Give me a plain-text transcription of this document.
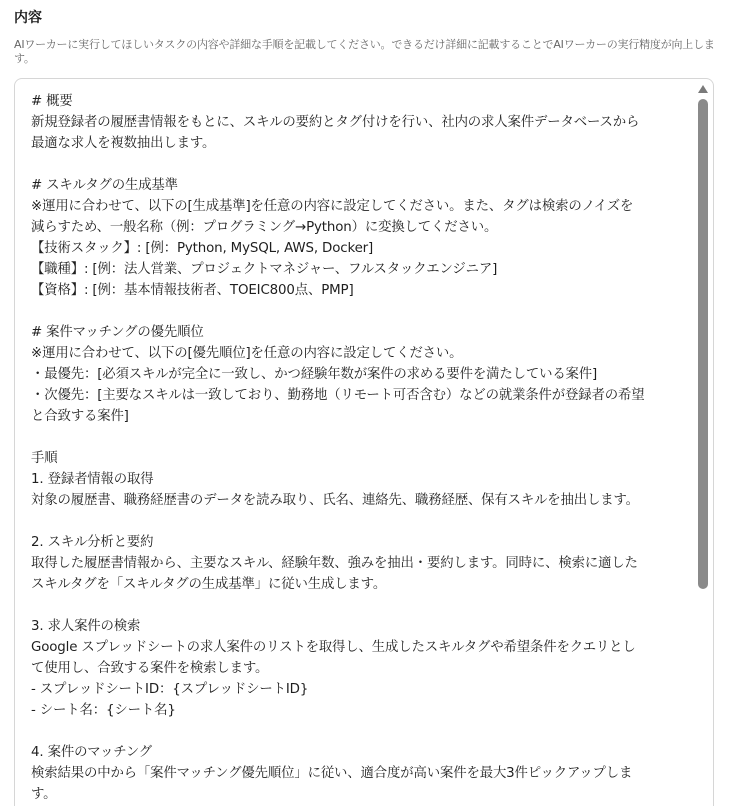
内容

AIワーカーに実行してほしいタスクの内容や詳細な手順を記載してください。できるだけ詳細に記載することでAIワーカーの実行精度が向上します。

# 概要
新規登録者の履歴書情報をもとに、スキルの要約とタグ付けを行い、社内の求人案件データベースから
最適な求人を複数抽出します。
# スキルタグの生成基準
※運用に合わせて、以下の[生成基準]を任意の内容に設定してください。また、タグは検索のノイズを
減らすため、一般名称（例：プログラミング→Python）に変換してください。
【技術スタック】: [例：Python, MySQL, AWS, Docker]
【職種】: [例：法人営業、プロジェクトマネジャー、フルスタックエンジニア]
【資格】: [例：基本情報技術者、TOEIC800点、PMP]
# 案件マッチングの優先順位
※運用に合わせて、以下の[優先順位]を任意の内容に設定してください。
・最優先：[必須スキルが完全に一致し、かつ経験年数が案件の求める要件を満たしている案件]
・次優先：[主要なスキルは一致しており、勤務地（リモート可否含む）などの就業条件が登録者の希望
と合致する案件]
手順
1. 登録者情報の取得
対象の履歴書、職務経歴書のデータを読み取り、氏名、連絡先、職務経歴、保有スキルを抽出します。
2. スキル分析と要約
取得した履歴書情報から、主要なスキル、経験年数、強みを抽出・要約します。同時に、検索に適した
スキルタグを「スキルタグの生成基準」に従い生成します。
3. 求人案件の検索
Google スプレッドシートの求人案件のリストを取得し、生成したスキルタグや希望条件をクエリとし
て使用し、合致する案件を検索します。
- スプレッドシートID：{スプレッドシートID}
- シート名：{シート名}
4. 案件のマッチング
検索結果の中から「案件マッチング優先順位」に従い、適合度が高い案件を最大3件ピックアップしま
す。
